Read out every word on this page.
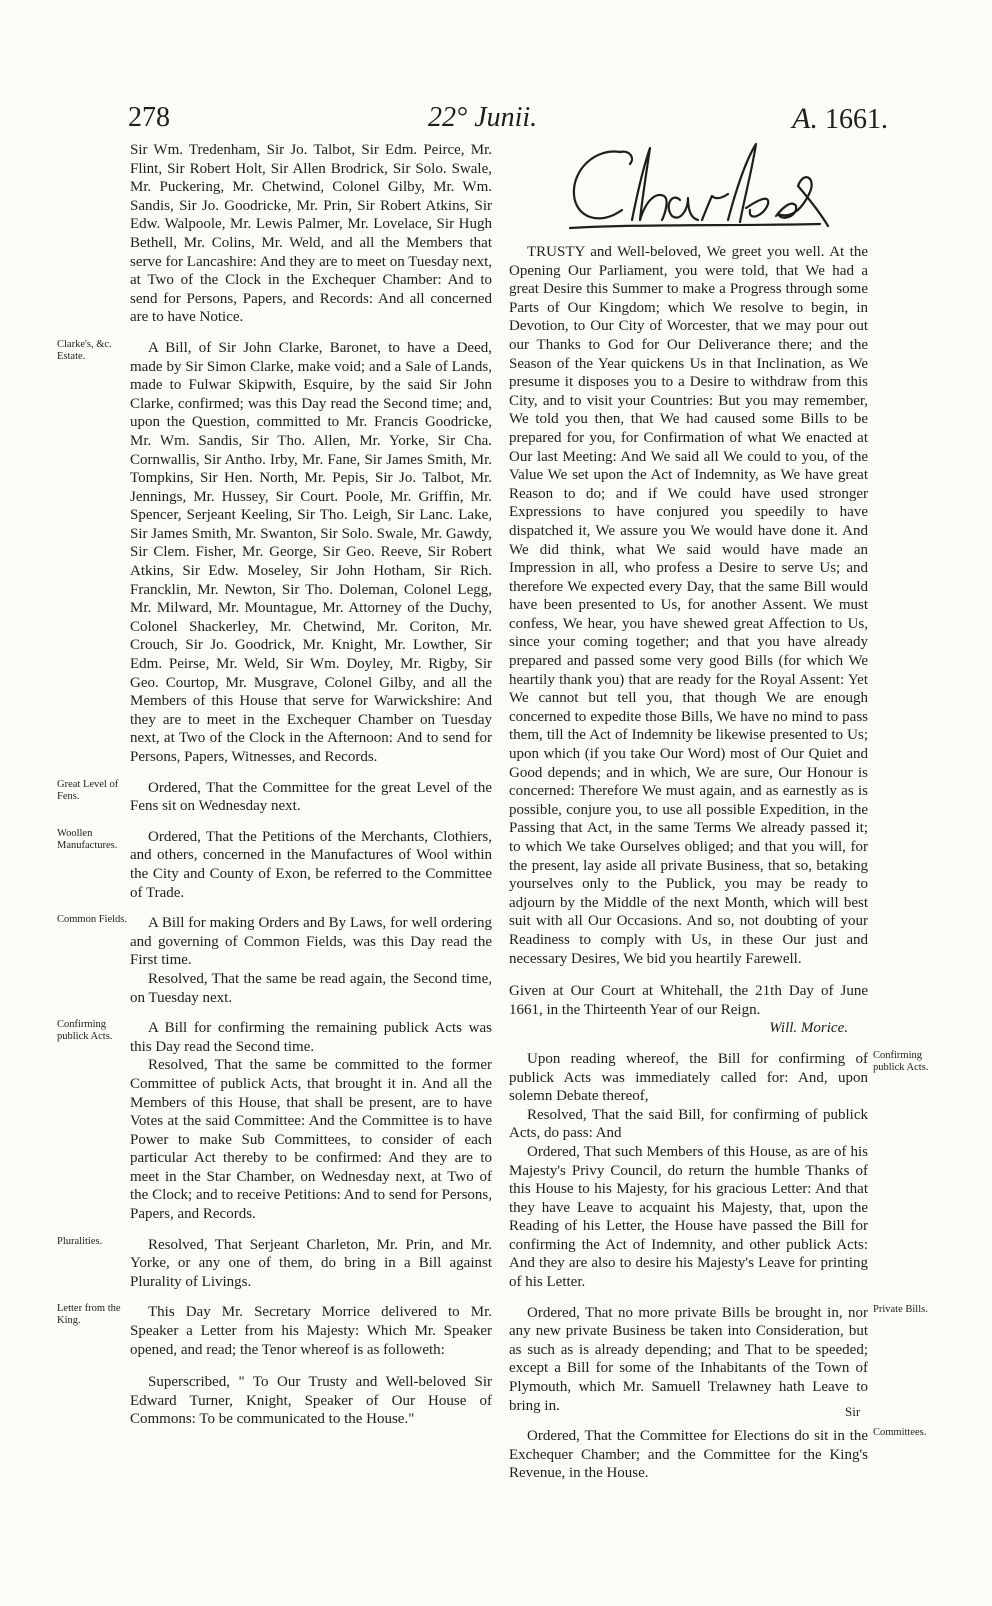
278	22° Junii.	A. 1661.

Sir Wm. Tredenham, Sir Jo. Talbot, Sir Edm. Peirce, Mr. Flint, Sir Robert Holt, Sir Allen Brodrick, Sir Solo. Swale, Mr. Puckering, Mr. Chetwind, Colonel Gilby, Mr. Wm. Sandis, Sir Jo. Goodricke, Mr. Prin, Sir Robert Atkins, Sir Edw. Walpoole, Mr. Lewis Palmer, Mr. Lovelace, Sir Hugh Bethell, Mr. Colins, Mr. Weld, and all the Members that serve for Lancashire: And they are to meet on Tuesday next, at Two of the Clock in the Exchequer Chamber: And to send for Persons, Papers, and Records: And all concerned are to have Notice.

A Bill, of Sir John Clarke, Baronet, to have a Deed, made by Sir Simon Clarke, make void; and a Sale of Lands, made to Fulwar Skipwith, Esquire, by the said Sir John Clarke, confirmed; was this Day read the Second time; and, upon the Question, committed to Mr. Francis Goodricke, Mr. Wm. Sandis, Sir Tho. Allen, Mr. Yorke, Sir Cha. Cornwallis, Sir Antho. Irby, Mr. Fane, Sir James Smith, Mr. Tompkins, Sir Hen. North, Mr. Pepis, Sir Jo. Talbot, Mr. Jennings, Mr. Hussey, Sir Court. Poole, Mr. Griffin, Mr. Spencer, Serjeant Keeling, Sir Tho. Leigh, Sir Lanc. Lake, Sir James Smith, Mr. Swanton, Sir Solo. Swale, Mr. Gawdy, Sir Clem. Fisher, Mr. George, Sir Geo. Reeve, Sir Robert Atkins, Sir Edw. Moseley, Sir John Hotham, Sir Rich. Francklin, Mr. Newton, Sir Tho. Doleman, Colonel Legg, Mr. Milward, Mr. Mountague, Mr. Attorney of the Duchy, Colonel Shackerley, Mr. Chetwind, Mr. Coriton, Mr. Crouch, Sir Jo. Goodrick, Mr. Knight, Mr. Lowther, Sir Edm. Peirse, Mr. Weld, Sir Wm. Doyley, Mr. Rigby, Sir Geo. Courtop, Mr. Musgrave, Colonel Gilby, and all the Members of this House that serve for Warwickshire: And they are to meet in the Exchequer Chamber on Tuesday next, at Two of the Clock in the Afternoon: And to send for Persons, Papers, Witnesses, and Records.

Clarke's, &c. Estate.

Ordered, That the Committee for the great Level of the Fens sit on Wednesday next.

Great Level of Fens.

Ordered, That the Petitions of the Merchants, Clothiers, and others, concerned in the Manufactures of Wool within the City and County of Exon, be referred to the Committee of Trade.

Woollen Manufactures.

A Bill for making Orders and By Laws, for well ordering and governing of Common Fields, was this Day read the First time.

Common Fields.

Resolved, That the same be read again, the Second time, on Tuesday next.

A Bill for confirming the remaining publick Acts was this Day read the Second time.

Confirming publick Acts.

Resolved, That the same be committed to the former Committee of publick Acts, that brought it in. And all the Members of this House, that shall be present, are to have Votes at the said Committee: And the Committee is to have Power to make Sub Committees, to consider of each particular Act thereby to be confirmed: And they are to meet in the Star Chamber, on Wednesday next, at Two of the Clock; and to receive Petitions: And to send for Persons, Papers, and Records.

Resolved, That Serjeant Charleton, Mr. Prin, and Mr. Yorke, or any one of them, do bring in a Bill against Plurality of Livings.

Pluralities.

This Day Mr. Secretary Morrice delivered to Mr. Speaker a Letter from his Majesty: Which Mr. Speaker opened, and read; the Tenor whereof is as followeth:

Letter from the King.

Superscribed, " To Our Trusty and Well-beloved Sir Edward Turner, Knight, Speaker of Our House of Commons: To be communicated to the House."

TRUSTY and Well-beloved, We greet you well. At the Opening Our Parliament, you were told, that We had a great Desire this Summer to make a Progress through some Parts of Our Kingdom; which We resolve to begin, in Devotion, to Our City of Worcester, that we may pour out our Thanks to God for Our Deliverance there; and the Season of the Year quickens Us in that Inclination, as We presume it disposes you to a Desire to withdraw from this City, and to visit your Countries: But you may remember, We told you then, that We had caused some Bills to be prepared for you, for Confirmation of what We enacted at Our last Meeting: And We said all We could to you, of the Value We set upon the Act of Indemnity, as We have great Reason to do; and if We could have used stronger Expressions to have conjured you speedily to have dispatched it, We assure you We would have done it. And We did think, what We said would have made an Impression in all, who profess a Desire to serve Us; and therefore We expected every Day, that the same Bill would have been presented to Us, for another Assent. We must confess, We hear, you have shewed great Affection to Us, since your coming together; and that you have already prepared and passed some very good Bills (for which We heartily thank you) that are ready for the Royal Assent: Yet We cannot but tell you, that though We are enough concerned to expedite those Bills, We have no mind to pass them, till the Act of Indemnity be likewise presented to Us; upon which (if you take Our Word) most of Our Quiet and Good depends; and in which, We are sure, Our Honour is concerned: Therefore We must again, and as earnestly as is possible, conjure you, to use all possible Expedition, in the Passing that Act, in the same Terms We already passed it; to which We take Ourselves obliged; and that you will, for the present, lay aside all private Business, that so, betaking yourselves only to the Publick, you may be ready to adjourn by the Middle of the next Month, which will best suit with all Our Occasions. And so, not doubting of your Readiness to comply with Us, in these Our just and necessary Desires, We bid you heartily Farewell.

Given at Our Court at Whitehall, the 21th Day of June 1661, in the Thirteenth Year of our Reign.

Will. Morice.

Upon reading whereof, the Bill for confirming of publick Acts was immediately called for: And, upon solemn Debate thereof,

Confirming publick Acts.

Resolved, That the said Bill, for confirming of publick Acts, do pass: And

Ordered, That such Members of this House, as are of his Majesty's Privy Council, do return the humble Thanks of this House to his Majesty, for his gracious Letter: And that they have Leave to acquaint his Majesty, that, upon the Reading of his Letter, the House have passed the Bill for confirming the Act of Indemnity, and other publick Acts: And they are also to desire his Majesty's Leave for printing of his Letter.

Ordered, That no more private Bills be brought in, nor any new private Business be taken into Consideration, but as such as is already depending; and That to be speeded; except a Bill for some of the Inhabitants of the Town of Plymouth, which Mr. Samuell Trelawney hath Leave to bring in.

Private Bills.

Ordered, That the Committee for Elections do sit in the Exchequer Chamber; and the Committee for the King's Revenue, in the House.

Committees.
Sir
